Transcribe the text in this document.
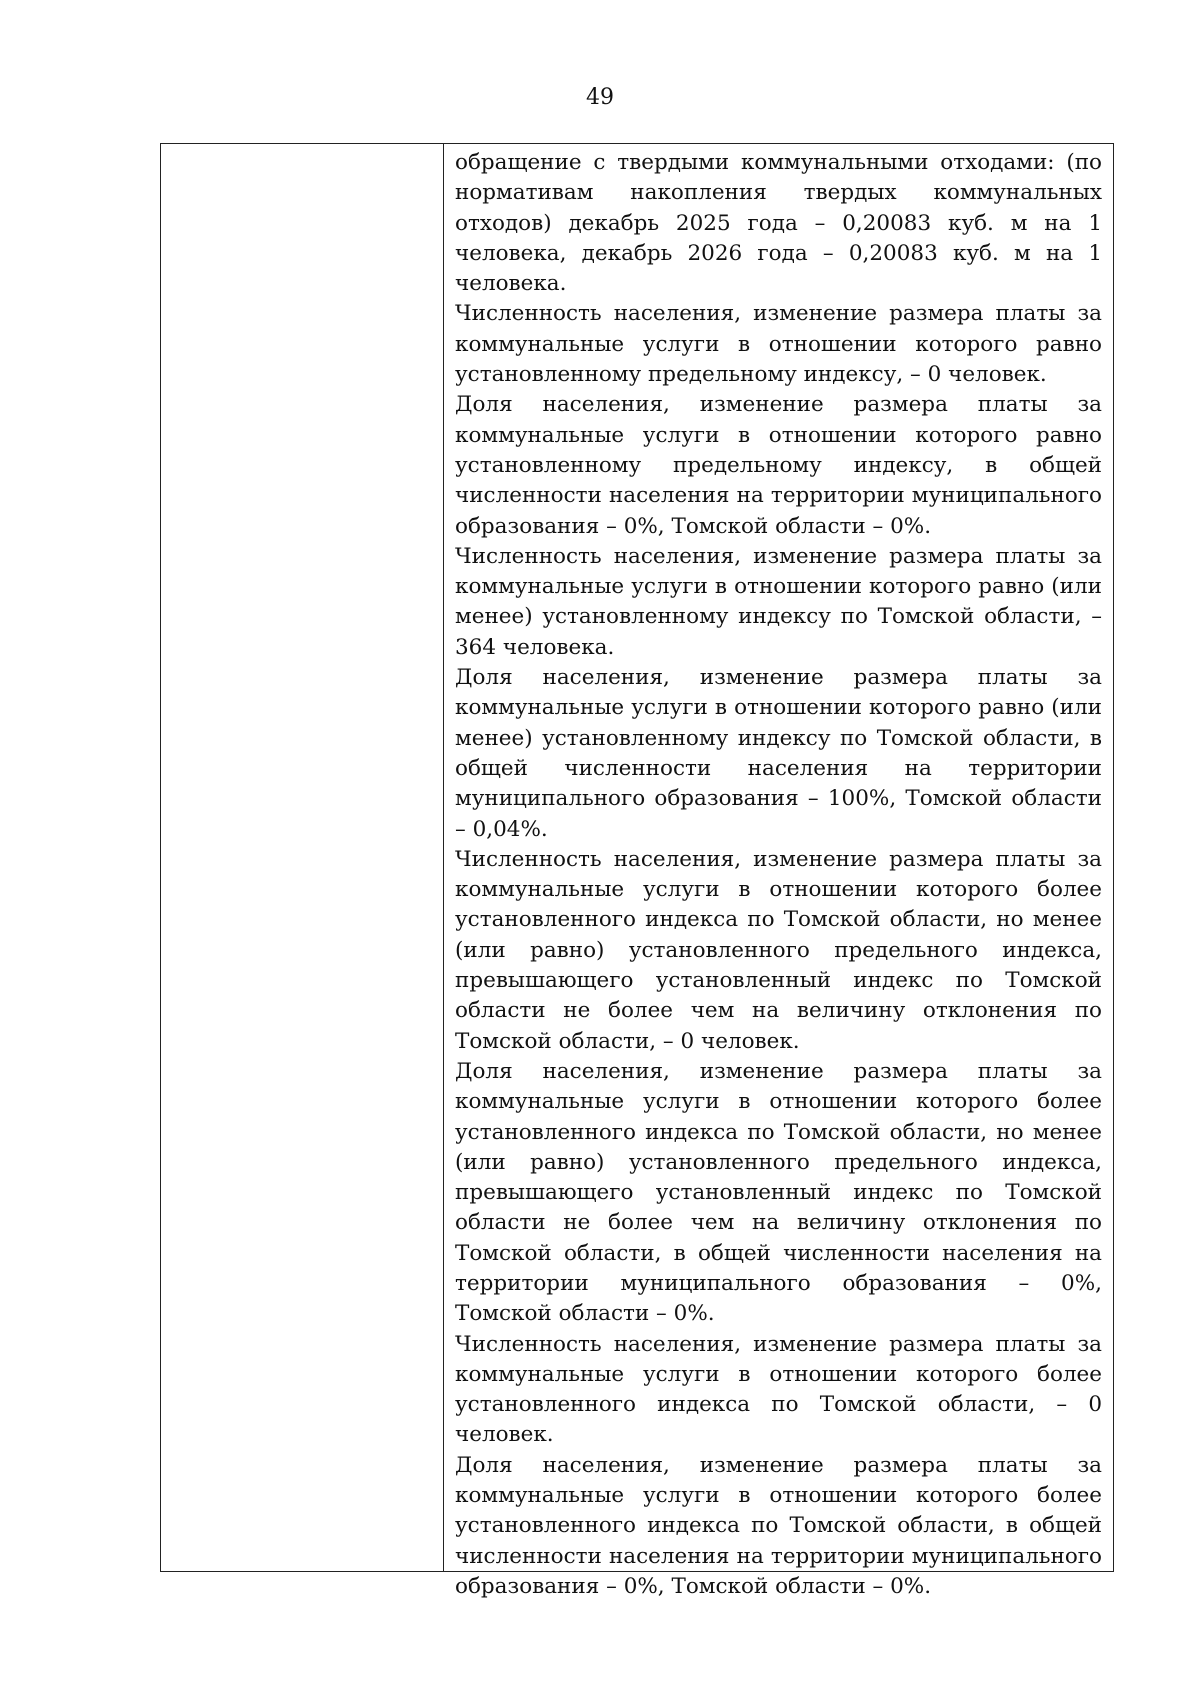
49

обращение с твердыми коммунальными отходами: (по нормативам накопления твердых коммунальных отходов) декабрь 2025 года – 0,20083 куб. м на 1 человека, декабрь 2026 года – 0,20083 куб. м на 1 человека.

Численность населения, изменение размера платы за коммунальные услуги в отношении которого равно установленному предельному индексу, – 0 человек.

Доля населения, изменение размера платы за коммунальные услуги в отношении которого равно установленному предельному индексу, в общей численности населения на территории муниципального образования – 0%, Томской области – 0%.

Численность населения, изменение размера платы за коммунальные услуги в отношении которого равно (или менее) установленному индексу по Томской области, – 364 человека.

Доля населения, изменение размера платы за коммунальные услуги в отношении которого равно (или менее) установленному индексу по Томской области, в общей численности населения на территории муниципального образования – 100%, Томской области – 0,04%.

Численность населения, изменение размера платы за коммунальные услуги в отношении которого более установленного индекса по Томской области, но менее (или равно) установленного предельного индекса, превышающего установленный индекс по Томской области не более чем на величину отклонения по Томской области, – 0 человек.

Доля населения, изменение размера платы за коммунальные услуги в отношении которого более установленного индекса по Томской области, но менее (или равно) установленного предельного индекса, превышающего установленный индекс по Томской области не более чем на величину отклонения по Томской области, в общей численности населения на территории муниципального образования – 0%, Томской области – 0%.

Численность населения, изменение размера платы за коммунальные услуги в отношении которого более установленного индекса по Томской области, – 0 человек.

Доля населения, изменение размера платы за коммунальные услуги в отношении которого более установленного индекса по Томской области, в общей численности населения на территории муниципального образования – 0%, Томской области – 0%.
